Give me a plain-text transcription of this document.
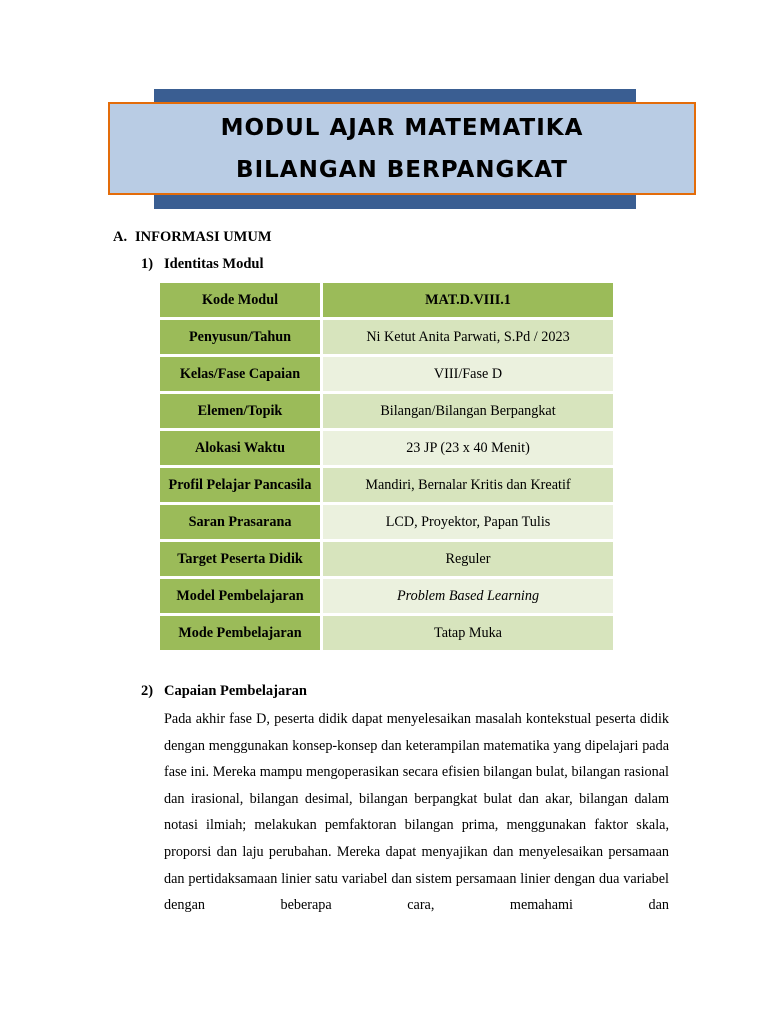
MODUL AJAR MATEMATIKA
BILANGAN BERPANGKAT
A. INFORMASI UMUM
1) Identitas Modul
Kode Modul	MAT.D.VIII.1
Penyusun/Tahun	Ni Ketut Anita Parwati, S.Pd / 2023
Kelas/Fase Capaian	VIII/Fase D
Elemen/Topik	Bilangan/Bilangan Berpangkat
Alokasi Waktu	23 JP (23 x 40 Menit)
Profil Pelajar Pancasila	Mandiri, Bernalar Kritis dan Kreatif
Saran Prasarana	LCD, Proyektor, Papan Tulis
Target Peserta Didik	Reguler
Model Pembelajaran	Problem Based Learning
Mode Pembelajaran	Tatap Muka
2) Capaian Pembelajaran

Pada akhir fase D, peserta didik dapat menyelesaikan masalah kontekstual peserta didik dengan menggunakan konsep-konsep dan keterampilan matematika yang dipelajari pada fase ini. Mereka mampu mengoperasikan secara efisien bilangan bulat, bilangan rasional dan irasional, bilangan desimal, bilangan berpangkat bulat dan akar, bilangan dalam notasi ilmiah; melakukan pemfaktoran bilangan prima, menggunakan faktor skala, proporsi dan laju perubahan. Mereka dapat menyajikan dan menyelesaikan persamaan dan pertidaksamaan linier satu variabel dan sistem persamaan linier dengan dua variabel dengan beberapa cara, memahami dan
